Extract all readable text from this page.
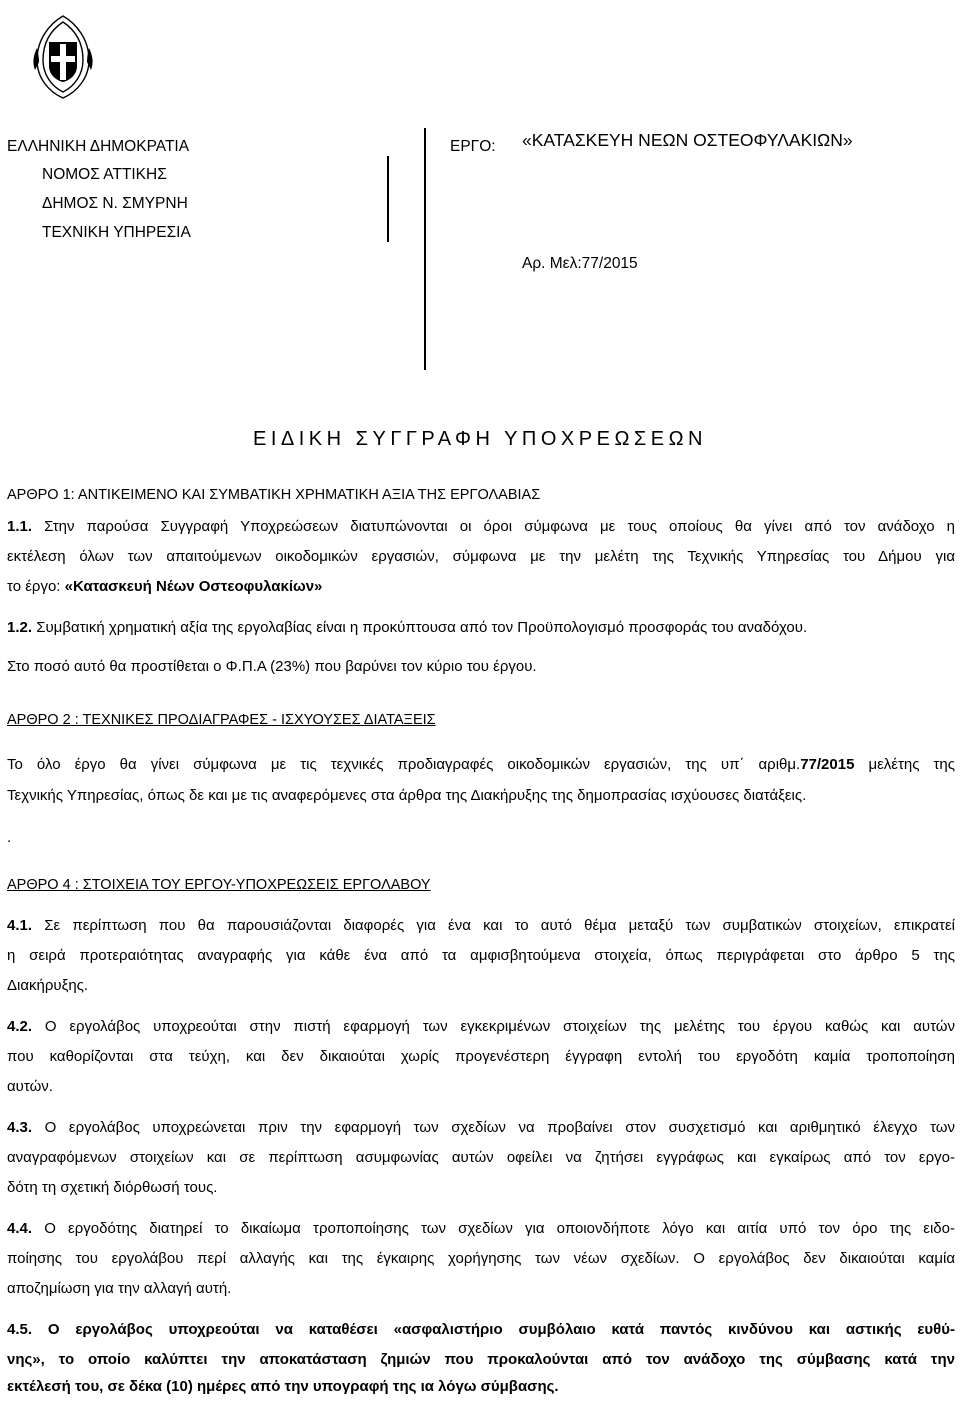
ΕΛΛΗΝΙΚΗ ΔΗΜΟΚΡΑΤΙΑ
ΝΟΜΟΣ ΑΤΤΙΚΗΣ
ΔΗΜΟΣ Ν. ΣΜΥΡΝΗ
ΤΕΧΝΙΚΗ ΥΠΗΡΕΣΙΑ
ΕΡΓΟ: «ΚΑΤΑΣΚΕΥΗ ΝΕΩΝ ΟΣΤΕΟΦΥΛΑΚΙΩΝ»
Αρ. Μελ:77/2015
ΕΙΔΙΚΗ ΣΥΓΓΡΑΦΗ ΥΠΟΧΡΕΩΣΕΩΝ
ΑΡΘΡΟ 1: ΑΝΤΙΚΕΙΜΕΝΟ ΚΑΙ ΣΥΜΒΑΤΙΚΗ ΧΡΗΜΑΤΙΚΗ ΑΞΙΑ ΤΗΣ ΕΡΓΟΛΑΒΙΑΣ
1.1. Στην παρούσα Συγγραφή Υποχρεώσεων διατυπώνονται οι όροι σύμφωνα με τους οποίους θα γίνει από τον ανάδοχο η
εκτέλεση όλων των απαιτούμενων οικοδομικών εργασιών, σύμφωνα με την μελέτη της Τεχνικής Υπηρεσίας του Δήμου για
το έργο: «Κατασκευή Νέων Οστεοφυλακίων»
1.2. Συμβατική χρηματική αξία της εργολαβίας είναι η προκύπτουσα από τον Προϋπολογισμό προσφοράς του αναδόχου.
Στο ποσό αυτό θα προστίθεται ο Φ.Π.Α (23%) που βαρύνει τον κύριο του έργου.
ΑΡΘΡΟ 2 : ΤΕΧΝΙΚΕΣ ΠΡΟΔΙΑΓΡΑΦΕΣ - ΙΣΧΥΟΥΣΕΣ ΔΙΑΤΑΞΕΙΣ
Το όλο έργο θα γίνει σύμφωνα με τις τεχνικές προδιαγραφές οικοδομικών εργασιών, της υπ΄ αριθμ.77/2015 μελέτης της
Τεχνικής Υπηρεσίας, όπως δε και με τις αναφερόμενες στα άρθρα της Διακήρυξης της δημοπρασίας ισχύουσες διατάξεις.
.
ΑΡΘΡΟ 4 : ΣΤΟΙΧΕΙΑ ΤΟΥ ΕΡΓΟΥ-ΥΠΟΧΡΕΩΣΕΙΣ ΕΡΓΟΛΑΒΟΥ
4.1. Σε περίπτωση που θα παρουσιάζονται διαφορές για ένα και το αυτό θέμα μεταξύ των συμβατικών στοιχείων, επικρατεί
η σειρά προτεραιότητας αναγραφής για κάθε ένα από τα αμφισβητούμενα στοιχεία, όπως περιγράφεται στο άρθρο 5 της
Διακήρυξης.
4.2. Ο εργολάβος υποχρεούται στην πιστή εφαρμογή των εγκεκριμένων στοιχείων της μελέτης του έργου καθώς και αυτών
που καθορίζονται στα τεύχη, και δεν δικαιούται χωρίς προγενέστερη έγγραφη εντολή του εργοδότη καμία τροποποίηση
αυτών.
4.3. Ο εργολάβος υποχρεώνεται πριν την εφαρμογή των σχεδίων να προβαίνει στον συσχετισμό και αριθμητικό έλεγχο των
αναγραφόμενων στοιχείων και σε περίπτωση ασυμφωνίας αυτών οφείλει να ζητήσει εγγράφως και εγκαίρως από τον εργο-
δότη τη σχετική διόρθωσή τους.
4.4. Ο εργοδότης διατηρεί το δικαίωμα τροποποίησης των σχεδίων για οποιονδήποτε λόγο και αιτία υπό τον όρο της ειδο-
ποίησης του εργολάβου περί αλλαγής και της έγκαιρης χορήγησης των νέων σχεδίων. Ο εργολάβος δεν δικαιούται καμία
αποζημίωση για την αλλαγή αυτή.
4.5. Ο εργολάβος υποχρεούται να καταθέσει «ασφαλιστήριο συμβόλαιο κατά παντός κινδύνου και αστικής ευθύ-
νης», το οποίο καλύπτει την αποκατάσταση ζημιών που προκαλούνται από τον ανάδοχο της σύμβασης κατά την
εκτέλεσή του, σε δέκα (10) ημέρες από την υπογραφή της ια λόγω σύμβασης.
